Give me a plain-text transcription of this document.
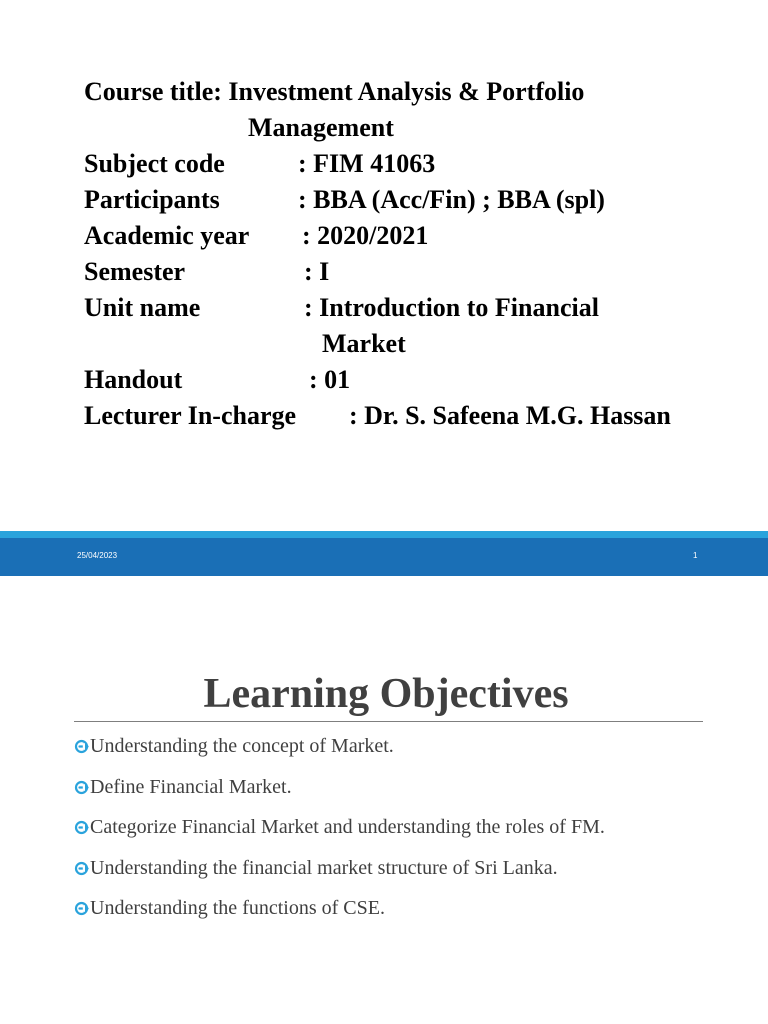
Course title: Investment Analysis & Portfolio
Management
Subject code	: FIM 41063
Participants	: BBA (Acc/Fin) ; BBA (spl)
Academic year : 2020/2021
Semester	: I
Unit name	: Introduction to Financial
Market
Handout	: 01
Lecturer In-charge : Dr. S. Safeena M.G. Hassan
25/04/2023	1
Learning Objectives
Understanding the concept of Market.
Define Financial Market.
Categorize Financial Market and understanding the roles of FM.
Understanding the financial market structure of Sri Lanka.
Understanding the functions of CSE.
